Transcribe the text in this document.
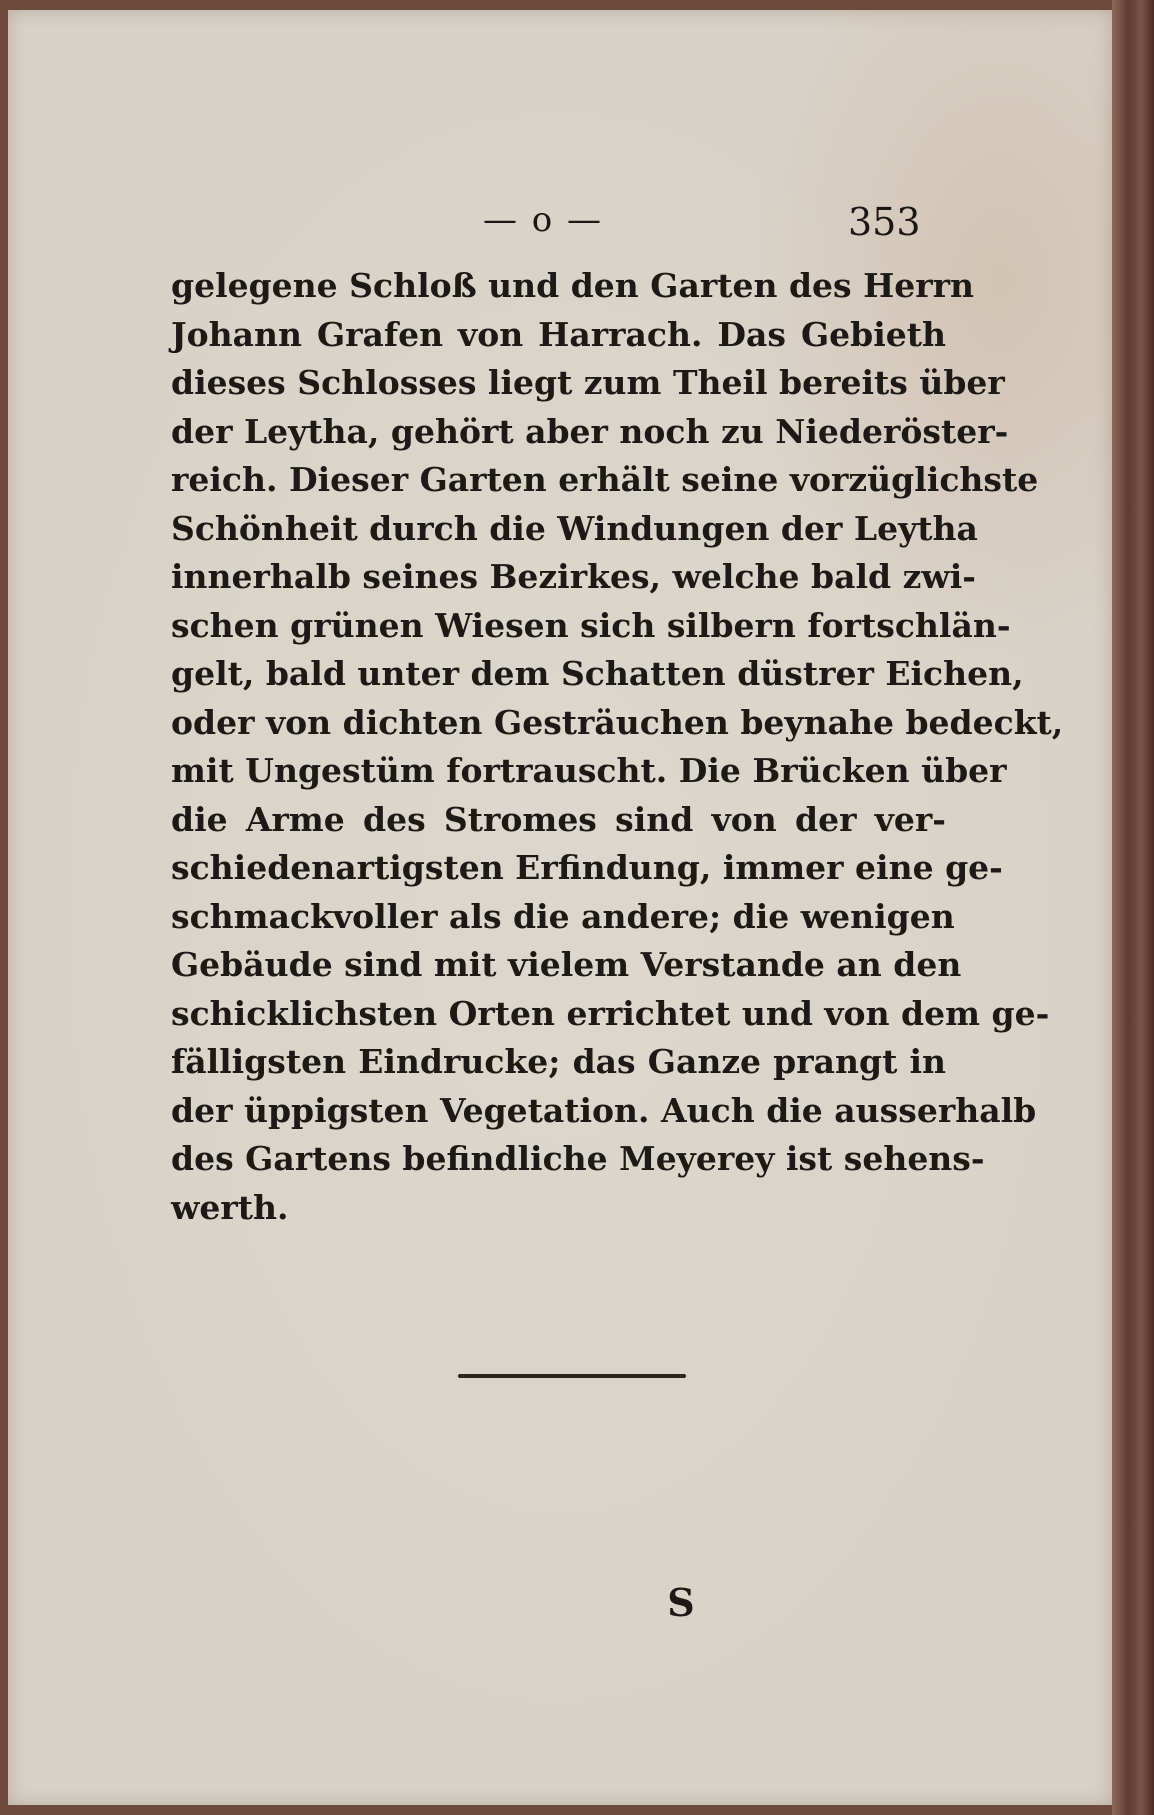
— o —	353
gelegene Schloß und den Garten des Herrn
Johann Grafen von Harrach. Das Gebieth
dieses Schlosses liegt zum Theil bereits über
der Leytha, gehört aber noch zu Niederöster-
reich. Dieser Garten erhält seine vorzüglichste
Schönheit durch die Windungen der Leytha
innerhalb seines Bezirkes, welche bald zwi-
schen grünen Wiesen sich silbern fortschlän-
gelt, bald unter dem Schatten düstrer Eichen,
oder von dichten Gesträuchen beynahe bedeckt,
mit Ungestüm fortrauscht. Die Brücken über
die Arme des Stromes sind von der ver-
schiedenartigsten Erfindung, immer eine ge-
schmackvoller als die andere; die wenigen
Gebäude sind mit vielem Verstande an den
schicklichsten Orten errichtet und von dem ge-
fälligsten Eindrucke; das Ganze prangt in
der üppigsten Vegetation. Auch die ausserhalb
des Gartens befindliche Meyerey ist sehens-
werth.
S
